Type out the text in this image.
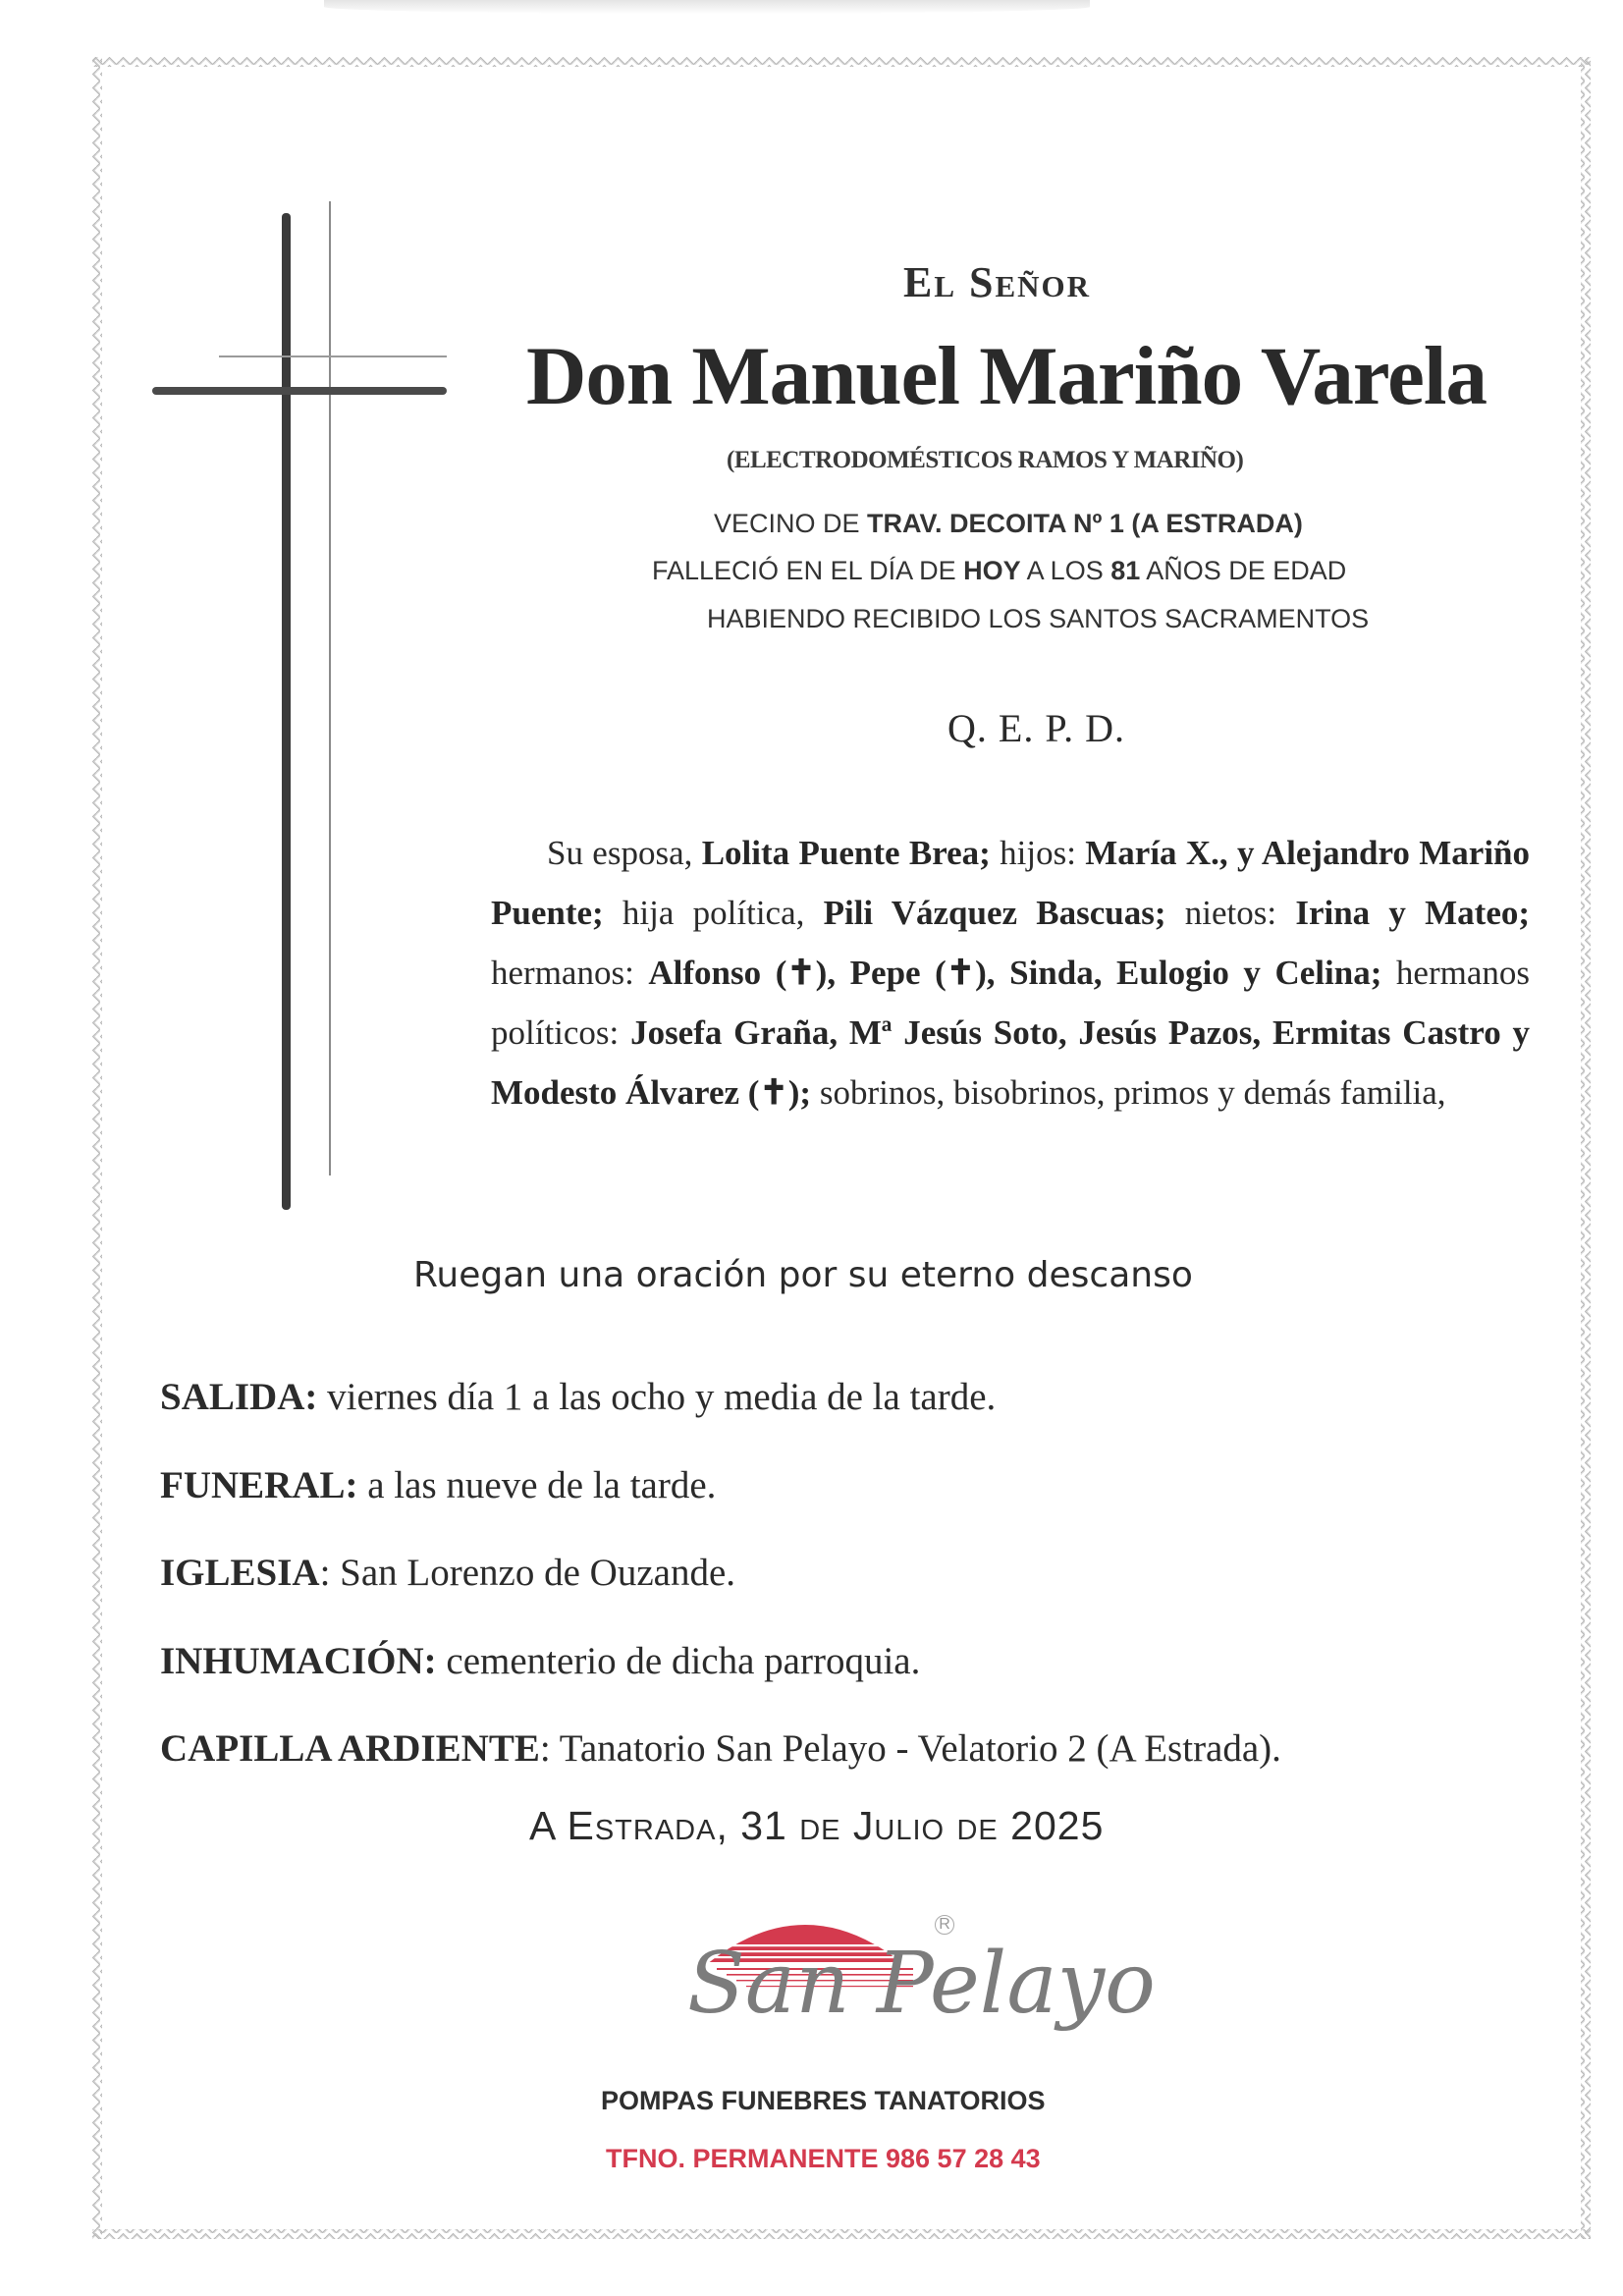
El Señor
Don Manuel Mariño Varela
(ELECTRODOMÉSTICOS RAMOS Y MARIÑO)
VECINO DE TRAV. DECOITA Nº 1 (A ESTRADA)
FALLECIÓ EN EL DÍA DE HOY A LOS 81 AÑOS DE EDAD
HABIENDO RECIBIDO LOS SANTOS SACRAMENTOS
Q. E. P. D.
Su esposa, Lolita Puente Brea; hijos: María X., y Alejandro Mariño Puente; hija política, Pili Vázquez Bascuas; nietos: Irina y Mateo; hermanos: Alfonso (✝), Pepe (✝), Sinda, Eulogio y Celina; hermanos políticos: Josefa Graña, Mª Jesús Soto, Jesús Pazos, Ermitas Castro y Modesto Álvarez (✝); sobrinos, bisobrinos, primos y demás familia,
Ruegan una oración por su eterno descanso
SALIDA: viernes día 1 a las ocho y media de la tarde.
FUNERAL: a las nueve de la tarde.
IGLESIA: San Lorenzo de Ouzande.
INHUMACIÓN: cementerio de dicha parroquia.
CAPILLA ARDIENTE: Tanatorio San Pelayo - Velatorio 2 (A Estrada).
A Estrada, 31 de Julio de 2025
San Pelayo
R
POMPAS FUNEBRES TANATORIOS
TFNO. PERMANENTE 986 57 28 43
